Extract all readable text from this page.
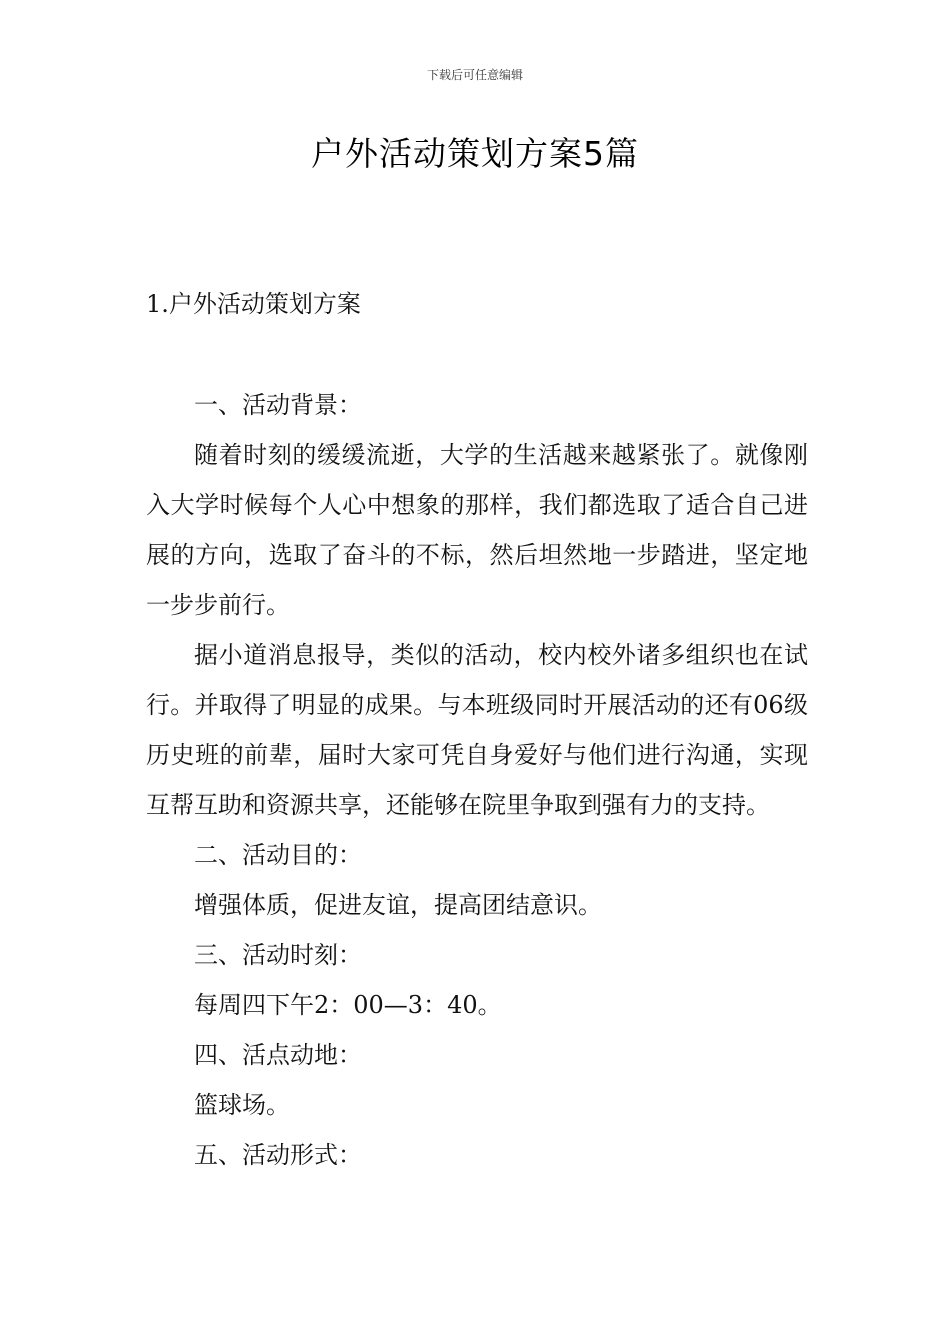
下载后可任意编辑
户外活动策划方案5篇
1.户外活动策划方案

一、活动背景：

随着时刻的缓缓流逝，大学的生活越来越紧张了。就像刚入大学时候每个人心中想象的那样，我们都选取了适合自己进展的方向，选取了奋斗的不标，然后坦然地一步踏进，坚定地一步步前行。

据小道消息报导，类似的活动，校内校外诸多组织也在试行。并取得了明显的成果。与本班级同时开展活动的还有06级历史班的前辈，届时大家可凭自身爱好与他们进行沟通，实现互帮互助和资源共享，还能够在院里争取到强有力的支持。

二、活动目的：

增强体质，促进友谊，提高团结意识。

三、活动时刻：

每周四下午2：00—3：40。

四、活点动地：

篮球场。

五、活动形式：
